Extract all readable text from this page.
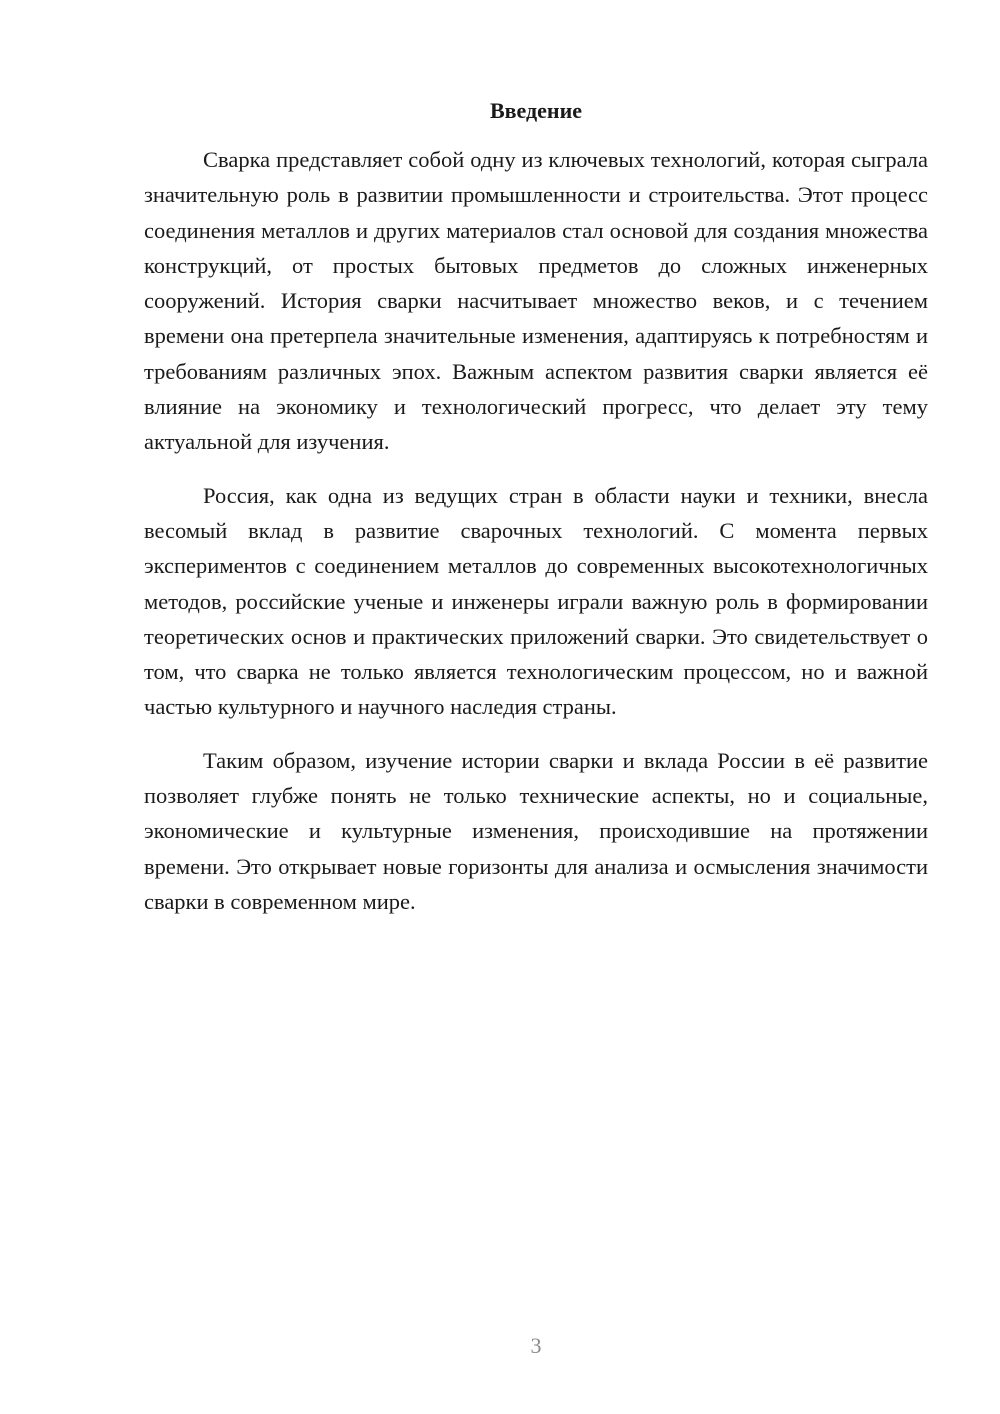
Введение

Сварка представляет собой одну из ключевых технологий, которая сыграла значительную роль в развитии промышленности и строительства. Этот процесс соединения металлов и других материалов стал основой для создания множества конструкций, от простых бытовых предметов до сложных инженерных сооружений. История сварки насчитывает множество веков, и с течением времени она претерпела значительные изменения, адаптируясь к потребностям и требованиям различных эпох. Важным аспектом развития сварки является её влияние на экономику и технологический прогресс, что делает эту тему актуальной для изучения.

Россия, как одна из ведущих стран в области науки и техники, внесла весомый вклад в развитие сварочных технологий. С момента первых экспериментов с соединением металлов до современных высокотехнологичных методов, российские ученые и инженеры играли важную роль в формировании теоретических основ и практических приложений сварки. Это свидетельствует о том, что сварка не только является технологическим процессом, но и важной частью культурного и научного наследия страны.

Таким образом, изучение истории сварки и вклада России в её развитие позволяет глубже понять не только технические аспекты, но и социальные, экономические и культурные изменения, происходившие на протяжении времени. Это открывает новые горизонты для анализа и осмысления значимости сварки в современном мире.

3
